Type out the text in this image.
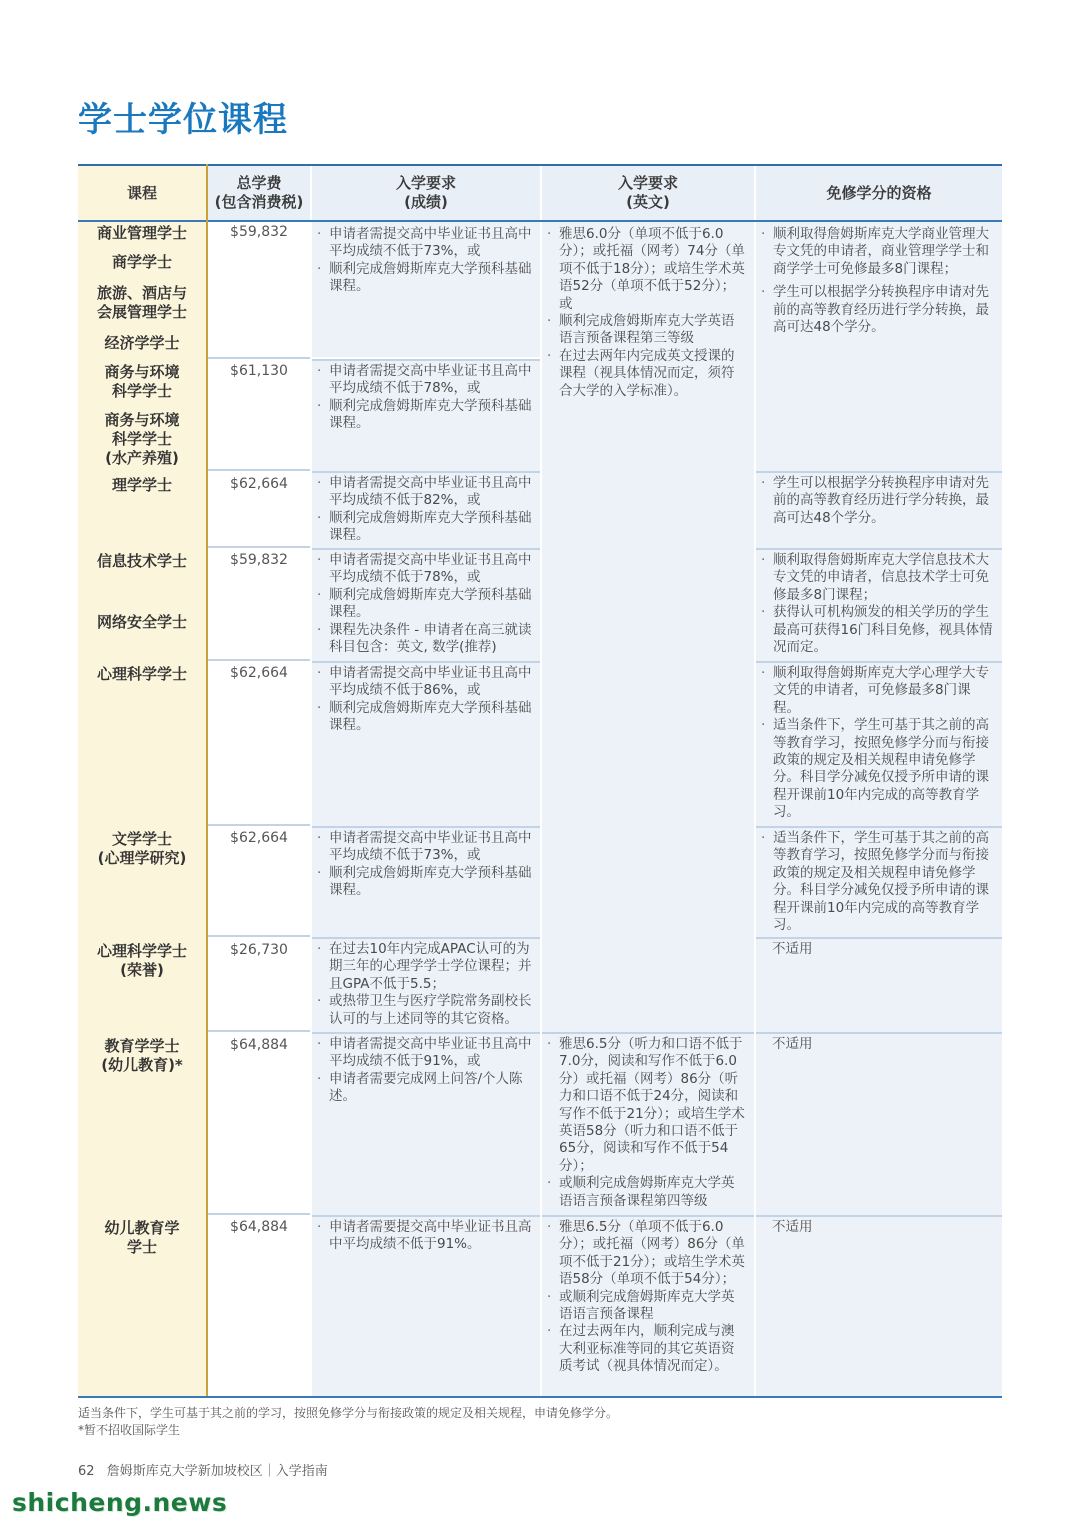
学士学位课程
课程
总学费
(包含消费税)
入学要求
(成绩)
入学要求
(英文)
免修学分的资格
· 申请者需提交高中毕业证书且高中平均成绩不低于73%，或
· 顺利完成詹姆斯库克大学预科基础课程。
· 申请者需提交高中毕业证书且高中平均成绩不低于78%，或
· 顺利完成詹姆斯库克大学预科基础课程。
· 申请者需提交高中毕业证书且高中平均成绩不低于82%，或
· 顺利完成詹姆斯库克大学预科基础课程。
· 申请者需提交高中毕业证书且高中平均成绩不低于78%，或
· 顺利完成詹姆斯库克大学预科基础课程。
· 课程先决条件 - 申请者在高三就读科目包含：英文, 数学(推荐)
· 申请者需提交高中毕业证书且高中平均成绩不低于86%，或
· 顺利完成詹姆斯库克大学预科基础课程。
· 申请者需提交高中毕业证书且高中平均成绩不低于73%，或
· 顺利完成詹姆斯库克大学预科基础课程。
· 在过去10年内完成APAC认可的为期三年的心理学学士学位课程；并且GPA不低于5.5；
· 或热带卫生与医疗学院常务副校长认可的与上述同等的其它资格。
· 申请者需提交高中毕业证书且高中平均成绩不低于91%，或
· 申请者需要完成网上问答/个人陈述。
· 申请者需要提交高中毕业证书且高中平均成绩不低于91%。
· 雅思6.0分（单项不低于6.0分）；或托福（网考）74分（单项不低于18分）；或培生学术英语52分（单项不低于52分）；或
· 顺利完成詹姆斯库克大学英语语言预备课程第三等级
· 在过去两年内完成英文授课的课程（视具体情况而定，须符合大学的入学标准）。
· 雅思6.5分（听力和口语不低于7.0分，阅读和写作不低于6.0分）或托福（网考）86分（听力和口语不低于24分，阅读和写作不低于21分）；或培生学术英语58分（听力和口语不低于65分，阅读和写作不低于54分）；
· 或顺利完成詹姆斯库克大学英语语言预备课程第四等级
· 雅思6.5分（单项不低于6.0分）；或托福（网考）86分（单项不低于21分）；或培生学术英语58分（单项不低于54分）；
· 或顺利完成詹姆斯库克大学英语语言预备课程
· 在过去两年内，顺利完成与澳大利亚标准等同的其它英语资质考试（视具体情况而定）。
· 顺利取得詹姆斯库克大学商业管理大专文凭的申请者，商业管理学学士和商学学士可免修最多8门课程；
· 学生可以根据学分转换程序申请对先前的高等教育经历进行学分转换，最高可达48个学分。
· 学生可以根据学分转换程序申请对先前的高等教育经历进行学分转换，最高可达48个学分。
· 顺利取得詹姆斯库克大学信息技术大专文凭的申请者，信息技术学士可免修最多8门课程；
· 获得认可机构颁发的相关学历的学生最高可获得16门科目免修，视具体情况而定。
· 顺利取得詹姆斯库克大学心理学大专文凭的申请者，可免修最多8门课程。
· 适当条件下，学生可基于其之前的高等教育学习，按照免修学分而与衔接政策的规定及相关规程申请免修学分。科目学分减免仅授予所申请的课程开课前10年内完成的高等教育学习。
· 适当条件下，学生可基于其之前的高等教育学习，按照免修学分而与衔接政策的规定及相关规程申请免修学分。科目学分减免仅授予所申请的课程开课前10年内完成的高等教育学习。
不适用
不适用
不适用
商业管理学士
商学学士
旅游、酒店与
会展管理学士
经济学学士
商务与环境
科学学士
商务与环境
科学学士
(水产养殖)
理学学士
信息技术学士
网络安全学士
心理科学学士
文学学士
(心理学研究)
心理科学学士
(荣誉)
教育学学士
(幼儿教育)*
幼儿教育学
学士
$59,832
$61,130
$62,664
$59,832
$62,664
$62,664
$26,730
$64,884
$64,884
适当条件下，学生可基于其之前的学习，按照免修学分与衔接政策的规定及相关规程，申请免修学分。
*暂不招收国际学生
62 詹姆斯库克大学新加坡校区｜入学指南
shicheng.news
